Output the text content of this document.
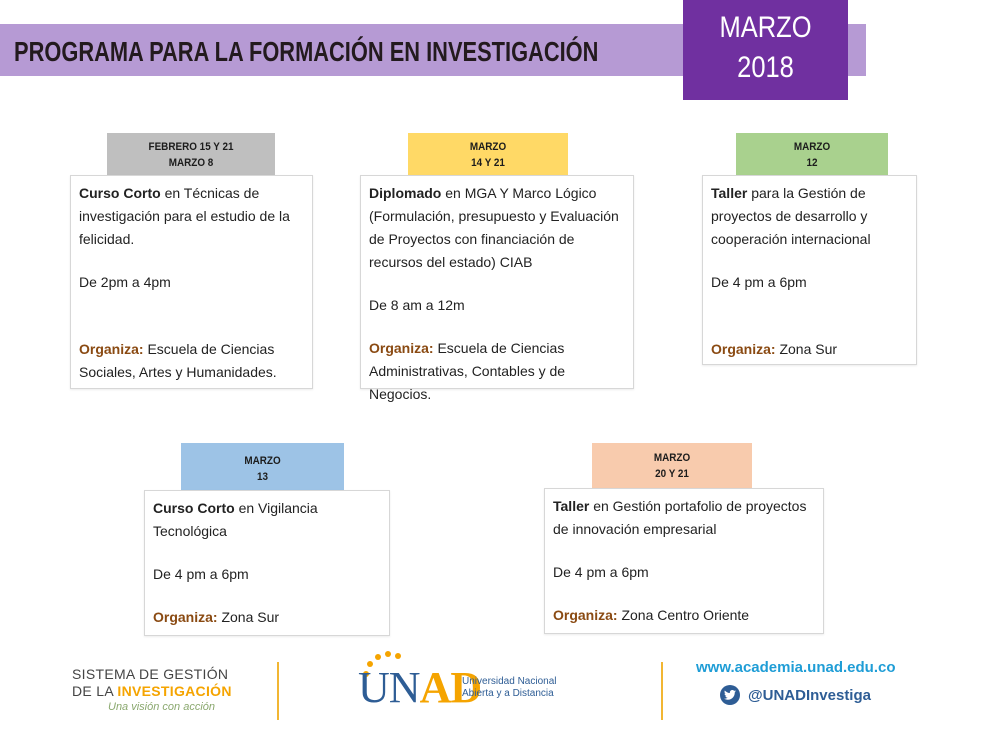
PROGRAMA PARA LA FORMACIÓN EN INVESTIGACIÓN
MARZO
2018
FEBRERO 15 Y 21
MARZO 8

Curso Corto en Técnicas de investigación para el estudio de la felicidad.

De 2pm a 4pm

Organiza: Escuela de Ciencias Sociales, Artes y Humanidades.

MARZO
14 Y 21

Diplomado en MGA Y Marco Lógico (Formulación, presupuesto y Evaluación de Proyectos con financiación de recursos del estado) CIAB

De 8 am a 12m

Organiza: Escuela de Ciencias Administrativas, Contables y de Negocios.

MARZO
12

Taller para la Gestión de proyectos de desarrollo y cooperación internacional

De 4 pm a 6pm

Organiza: Zona Sur

MARZO
13

Curso Corto en Vigilancia Tecnológica

De 4 pm a 6pm

Organiza: Zona Sur

MARZO
20 Y 21

Taller en Gestión portafolio de proyectos de innovación empresarial

De 4 pm a 6pm

Organiza: Zona Centro Oriente

SISTEMA DE GESTIÓN
DE LA INVESTIGACIÓN
Una visión con acción	UNAD
Universidad Nacional
Abierta y a Distancia
www.academia.unad.edu.co
@UNADInvestiga
